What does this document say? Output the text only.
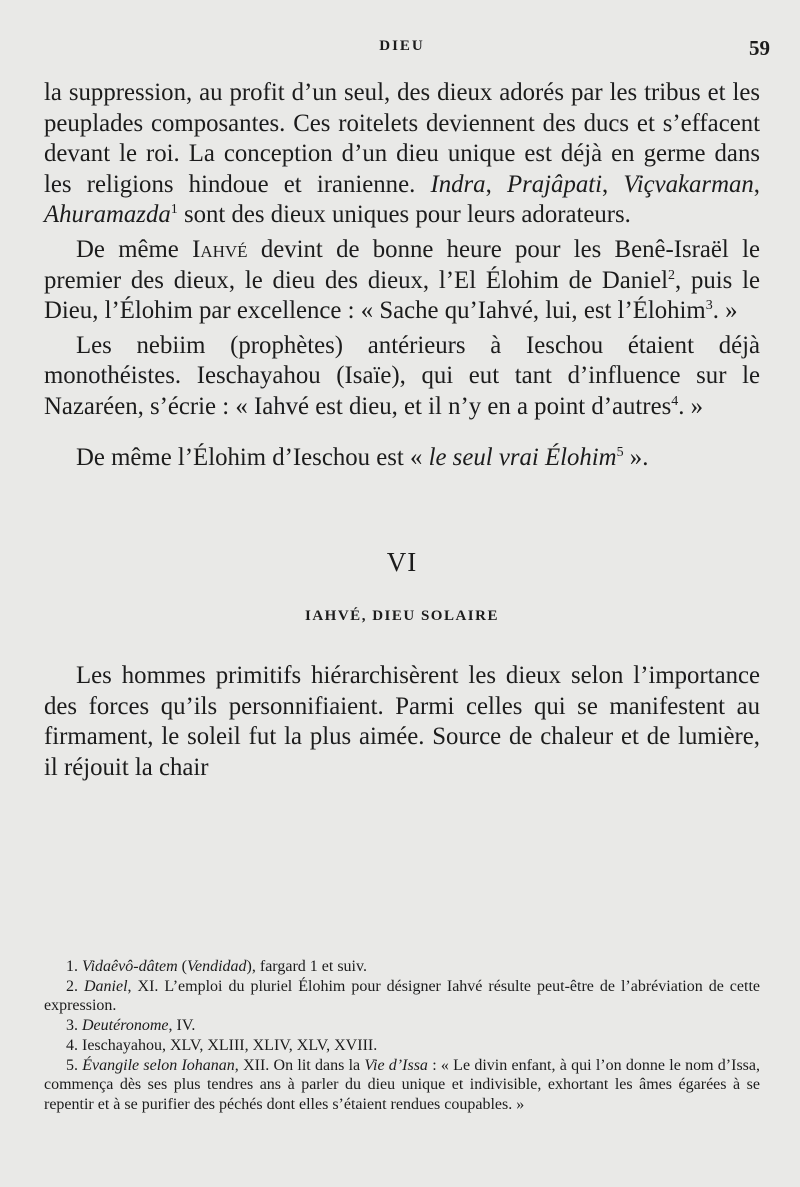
DIEU	59

la suppression, au profit d’un seul, des dieux adorés par les tribus et les peuplades composantes. Ces roitelets deviennent des ducs et s’effacent devant le roi. La conception d’un dieu unique est déjà en germe dans les religions hindoue et iranienne. Indra, Prajâpati, Viçvakarman, Ahuramazda$^1$ sont des dieux uniques pour leurs adorateurs.

De même Iahvé devint de bonne heure pour les Benê-Israël le premier des dieux, le dieu des dieux, l’El Élohim de Daniel$^2$, puis le Dieu, l’Élohim par excellence : « Sache qu’Iahvé, lui, est l’Élohim$^3$. »

Les nebiim (prophètes) antérieurs à Ieschou étaient déjà monothéistes. Ieschayahou (Isaïe), qui eut tant d’influence sur le Nazaréen, s’écrie : « Iahvé est dieu, et il n’y en a point d’autres$^4$. »

De même l’Élohim d’Ieschou est « le seul vrai Élohim$^5$ ».

VI
IAHVÉ, DIEU SOLAIRE

Les hommes primitifs hiérarchisèrent les dieux selon l’importance des forces qu’ils personnifiaient. Parmi celles qui se manifestent au firmament, le soleil fut la plus aimée. Source de chaleur et de lumière, il réjouit la chair

1. Vidaêvô-dâtem (Vendidad), fargard 1 et suiv.

2. Daniel, XI. L’emploi du pluriel Élohim pour désigner Iahvé résulte peut-être de l’abréviation de cette expression.

3. Deutéronome, IV.

4. Ieschayahou, XLV, XLIII, XLIV, XLV, XVIII.

5. Évangile selon Iohanan, XII. On lit dans la Vie d’Issa : « Le divin enfant, à qui l’on donne le nom d’Issa, commença dès ses plus tendres ans à parler du dieu unique et indivisible, exhortant les âmes égarées à se repentir et à se purifier des péchés dont elles s’étaient rendues coupables. »
